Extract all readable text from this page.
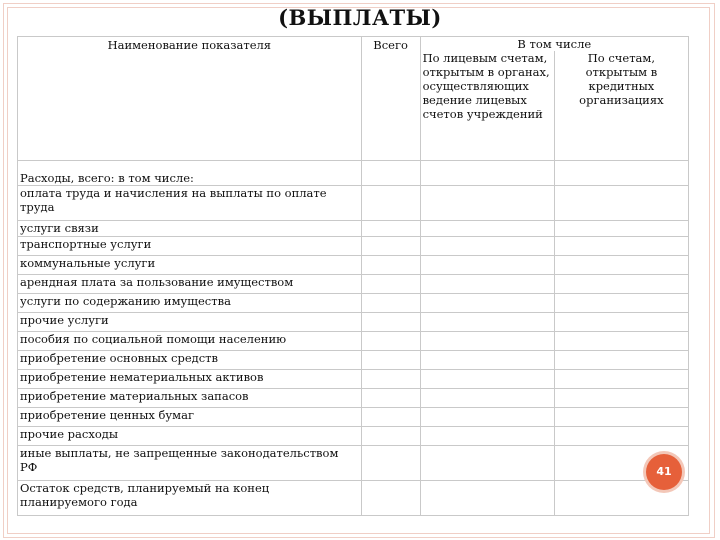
(ВЫПЛАТЫ)
Наименование показателя	Всего	В том числе	
		По лицевым счетам, открытым в органах, осуществляющих ведение лицевых счетов учреждений	По счетам, открытым в кредитных организациях
Расходы, всего: в том числе:			
оплата труда и начисления на выплаты по оплате труда			
услуги связи			
транспортные услуги			
коммунальные услуги			
арендная плата за пользование имуществом			
услуги по содержанию имущества			
прочие услуги			
пособия по социальной помощи населению			
приобретение основных средств			
приобретение нематериальных активов			
приобретение материальных запасов			
приобретение ценных бумаг			
прочие расходы			
иные выплаты, не запрещенные законодательством РФ			
Остаток средств, планируемый на конец планируемого года			
41
